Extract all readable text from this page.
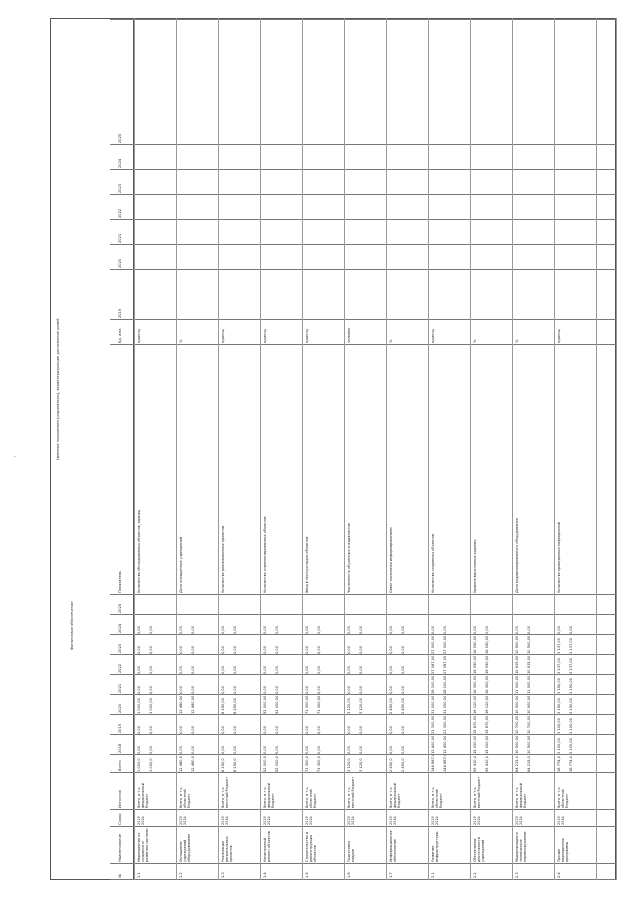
Целевые показатели (индикаторы), характеризующие достижение целей
Финансовое обеспечение
№
Наименование
Сроки
Источник
Всего
2018
2019
2020
2021
2022
2023
2024
2025
Показатель
Ед. изм.
2019
2020
2021
2022
2023
2024
2025
1.1
Мероприятия по созданию и развитию системы
2019 2024
Всего, в т.ч. федеральный бюджет
1 000,0 1 000,0
0,00 0,00
0,00 0,00
1 000,00 1 000,00
0,00 0,00
0,00 0,00
0,00 0,00
0,00 0,00
Количество обследованных объектов, единиц
единиц
1.2
Оснащение учреждений оборудованием
2019 2024
Всего, в т.ч. областной бюджет
12 480,0 12 480,0
0,00 0,00
0,00 0,00
12 480,00 12 480,00
0,00 0,00
0,00 0,00
0,00 0,00
0,00 0,00
Доля оснащенных учреждений
%
1.3
Реализация региональных проектов
2019 2024
Всего, в т.ч. местный бюджет
8 250,0 8 250,0
0,00 0,00
0,00 0,00
8 250,00 8 250,00
0,00 0,00
0,00 0,00
0,00 0,00
0,00 0,00
Количество реализованных проектов
единиц
1.4
Капитальный ремонт объектов
2019 2024
Всего, в т.ч. федеральный бюджет
52 000,0 52 000,0
0,00 0,00
0,00 0,00
52 000,00 52 000,00
0,00 0,00
0,00 0,00
0,00 0,00
0,00 0,00
Количество отремонтированных объектов
единиц
1.5
Строительство и реконструкция объектов
2019 2024
Всего, в т.ч. областной бюджет
71 300,0 71 300,0
0,00 0,00
0,00 0,00
71 300,00 71 300,00
0,00 0,00
0,00 0,00
0,00 0,00
0,00 0,00
Ввод в эксплуатацию объектов
единиц
1.6
Подготовка кадров
2019 2024
Всего, в т.ч. местный бюджет
3 120,0 3 120,0
0,00 0,00
0,00 0,00
3 120,00 3 120,00
0,00 0,00
0,00 0,00
0,00 0,00
0,00 0,00
Численность обученных специалистов
человек
1.7
Информационное обеспечение
2019 2024
Всего, в т.ч. федеральный бюджет
2 450,0 2 450,0
0,00 0,00
0,00 0,00
2 450,00 2 450,00
0,00 0,00
0,00 0,00
0,00 0,00
0,00 0,00
Охват населения информированием
%
2.1
Развитие инфраструктуры
2019 2024
Всего, в т.ч. областной бюджет
146 887,0 146 887,0
12 400,00 12 400,00
21 300,00 21 300,00
31 000,00 31 000,00
28 100,00 28 100,00
27 087,00 27 087,00
27 000,00 27 000,00
0,00 0,00
Количество созданных объектов
единиц
2.2
Обеспечение деятельности учреждений
2019 2024
Всего, в т.ч. местный бюджет
95 410,0 95 410,0
15 020,00 15 020,00
15 870,00 15 870,00
16 120,00 16 120,00
16 300,00 16 300,00
16 050,00 16 050,00
16 050,00 16 050,00
0,00 0,00
Уровень выполнения задания
%
2.3
Модернизация и техническое перевооружение
2019 2024
Всего, в т.ч. федеральный бюджет
64 215,0 64 215,0
10 500,00 10 500,00
10 700,00 10 700,00
10 900,00 10 900,00
11 000,00 11 000,00
10 615,00 10 615,00
10 500,00 10 500,00
0,00 0,00
Доля модернизированного оборудования
%
2.4
Прочие мероприятия программы
2019 2024
Всего, в т.ч. областной бюджет
18 774,0 18 774,0
3 100,00 3 100,00
3 100,00 3 100,00
3 150,00 3 150,00
3 150,00 3 150,00
3 137,00 3 137,00
3 137,00 3 137,00
0,00 0,00
Количество проведенных мероприятий
единиц
.
